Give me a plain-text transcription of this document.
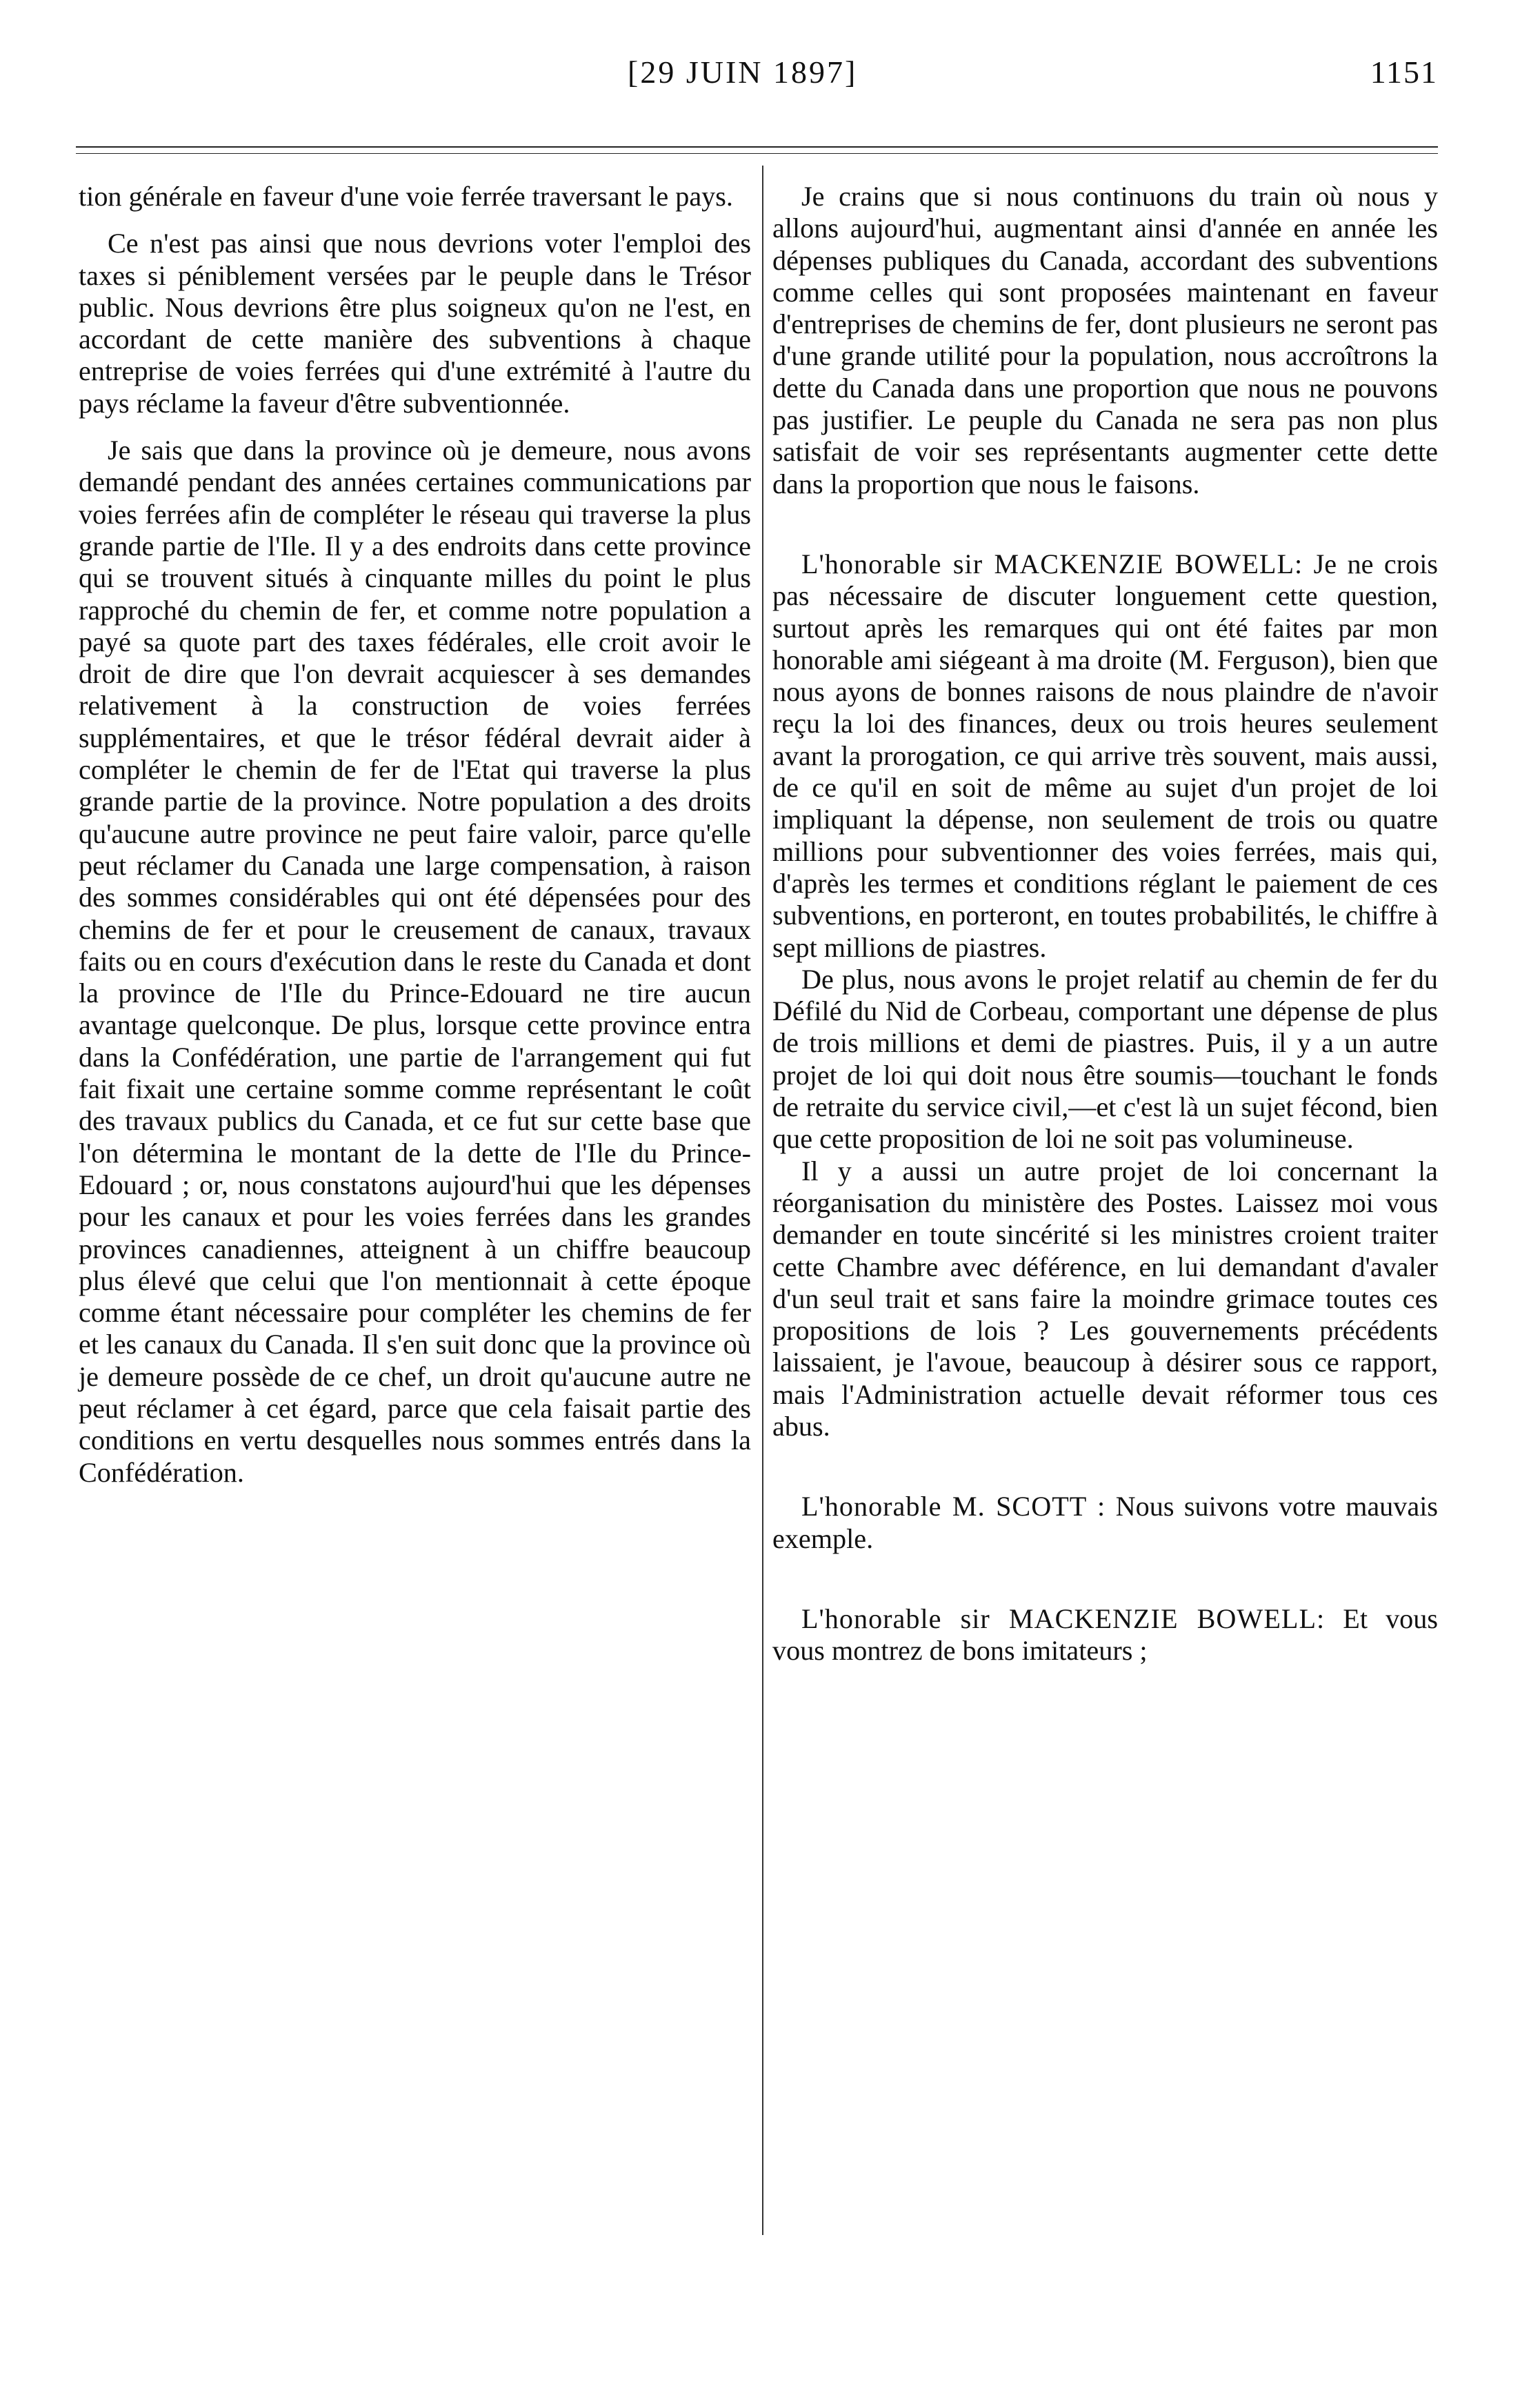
[29 JUIN 1897]	1151

tion générale en faveur d'une voie ferrée traversant le pays.

Ce n'est pas ainsi que nous devrions voter l'emploi des taxes si péniblement versées par le peuple dans le Trésor public. Nous devrions être plus soigneux qu'on ne l'est, en accordant de cette manière des subventions à chaque entreprise de voies ferrées qui d'une extrémité à l'autre du pays réclame la faveur d'être subventionnée.

Je sais que dans la province où je demeure, nous avons demandé pendant des années certaines communications par voies ferrées afin de compléter le réseau qui traverse la plus grande partie de l'Ile. Il y a des endroits dans cette province qui se trouvent situés à cinquante milles du point le plus rapproché du chemin de fer, et comme notre population a payé sa quote part des taxes fédérales, elle croit avoir le droit de dire que l'on devrait acquiescer à ses demandes relativement à la construction de voies ferrées supplémentaires, et que le trésor fédéral devrait aider à compléter le chemin de fer de l'Etat qui traverse la plus grande partie de la province. Notre population a des droits qu'aucune autre province ne peut faire valoir, parce qu'elle peut réclamer du Canada une large compensation, à raison des sommes considérables qui ont été dépensées pour des chemins de fer et pour le creusement de canaux, travaux faits ou en cours d'exécution dans le reste du Canada et dont la province de l'Ile du Prince-Edouard ne tire aucun avantage quelconque. De plus, lorsque cette province entra dans la Confédération, une partie de l'arrangement qui fut fait fixait une certaine somme comme représentant le coût des travaux publics du Canada, et ce fut sur cette base que l'on détermina le montant de la dette de l'Ile du Prince-Edouard ; or, nous constatons aujourd'hui que les dépenses pour les canaux et pour les voies ferrées dans les grandes provinces canadiennes, atteignent à un chiffre beaucoup plus élevé que celui que l'on mentionnait à cette époque comme étant nécessaire pour compléter les chemins de fer et les canaux du Canada. Il s'en suit donc que la province où je demeure possède de ce chef, un droit qu'aucune autre ne peut réclamer à cet égard, parce que cela faisait partie des conditions en vertu desquelles nous sommes entrés dans la Confédération.

Je crains que si nous continuons du train où nous y allons aujourd'hui, augmentant ainsi d'année en année les dépenses publiques du Canada, accordant des subventions comme celles qui sont proposées maintenant en faveur d'entreprises de chemins de fer, dont plusieurs ne seront pas d'une grande utilité pour la population, nous accroîtrons la dette du Canada dans une proportion que nous ne pouvons pas justifier. Le peuple du Canada ne sera pas non plus satisfait de voir ses représentants augmenter cette dette dans la proportion que nous le faisons.

L'honorable sir MACKENZIE BOWELL: Je ne crois pas nécessaire de discuter longuement cette question, surtout après les remarques qui ont été faites par mon honorable ami siégeant à ma droite (M. Ferguson), bien que nous ayons de bonnes raisons de nous plaindre de n'avoir reçu la loi des finances, deux ou trois heures seulement avant la prorogation, ce qui arrive très souvent, mais aussi, de ce qu'il en soit de même au sujet d'un projet de loi impliquant la dépense, non seulement de trois ou quatre millions pour subventionner des voies ferrées, mais qui, d'après les termes et conditions réglant le paiement de ces subventions, en porteront, en toutes probabilités, le chiffre à sept millions de piastres.

De plus, nous avons le projet relatif au chemin de fer du Défilé du Nid de Corbeau, comportant une dépense de plus de trois millions et demi de piastres. Puis, il y a un autre projet de loi qui doit nous être soumis—touchant le fonds de retraite du service civil,—et c'est là un sujet fécond, bien que cette proposition de loi ne soit pas volumineuse.

Il y a aussi un autre projet de loi concernant la réorganisation du ministère des Postes. Laissez moi vous demander en toute sincérité si les ministres croient traiter cette Chambre avec déférence, en lui demandant d'avaler d'un seul trait et sans faire la moindre grimace toutes ces propositions de lois ? Les gouvernements précédents laissaient, je l'avoue, beaucoup à désirer sous ce rapport, mais l'Administration actuelle devait réformer tous ces abus.

L'honorable M. SCOTT : Nous suivons votre mauvais exemple.

L'honorable sir MACKENZIE BOWELL: Et vous vous montrez de bons imitateurs ;
